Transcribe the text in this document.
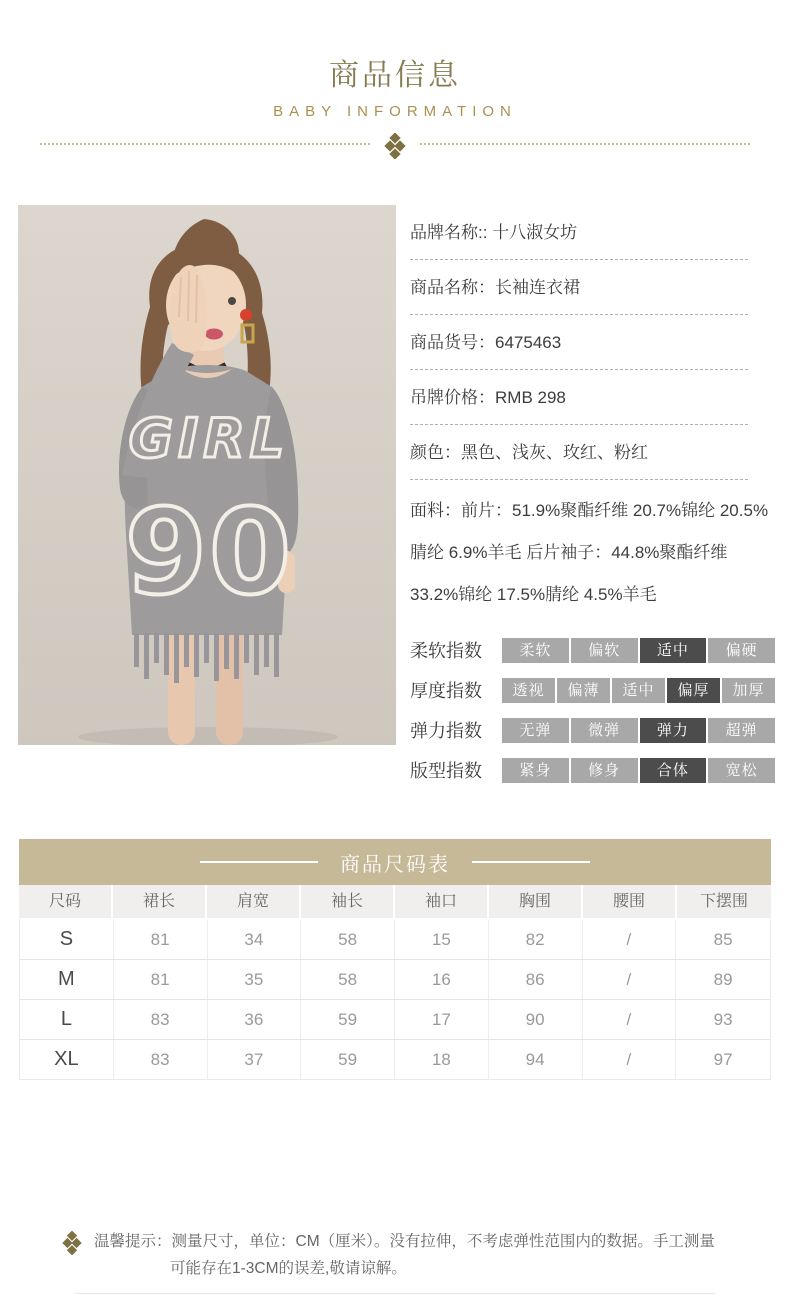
商品信息
BABY INFORMATION
GIRL
90
品牌名称:: 十八淑女坊
商品名称：长袖连衣裙
商品货号：6475463
吊牌价格：RMB 298
颜色：黑色、浅灰、玫红、粉红
面料：前片：51.9%聚酯纤维 20.7%锦纶 20.5%腈纶 6.9%羊毛 后片袖子：44.8%聚酯纤维 33.2%锦纶 17.5%腈纶 4.5%羊毛
柔软指数	柔软	偏软	适中	偏硬
厚度指数	透视	偏薄	适中	偏厚	加厚
弹力指数	无弹	微弹	弹力	超弹
版型指数	紧身	修身	合体	宽松
商品尺码表
尺码	裙长	肩宽	袖长	袖口	胸围	腰围	下摆围
S	81	34	58	15	82	/	85
M	81	35	58	16	86	/	89
L	83	36	59	17	90	/	93
XL	83	37	59	18	94	/	97
温馨提示：测量尺寸，单位：CM（厘米）。没有拉伸，不考虑弹性范围内的数据。手工测量
可能存在1-3CM的误差,敬请谅解。
